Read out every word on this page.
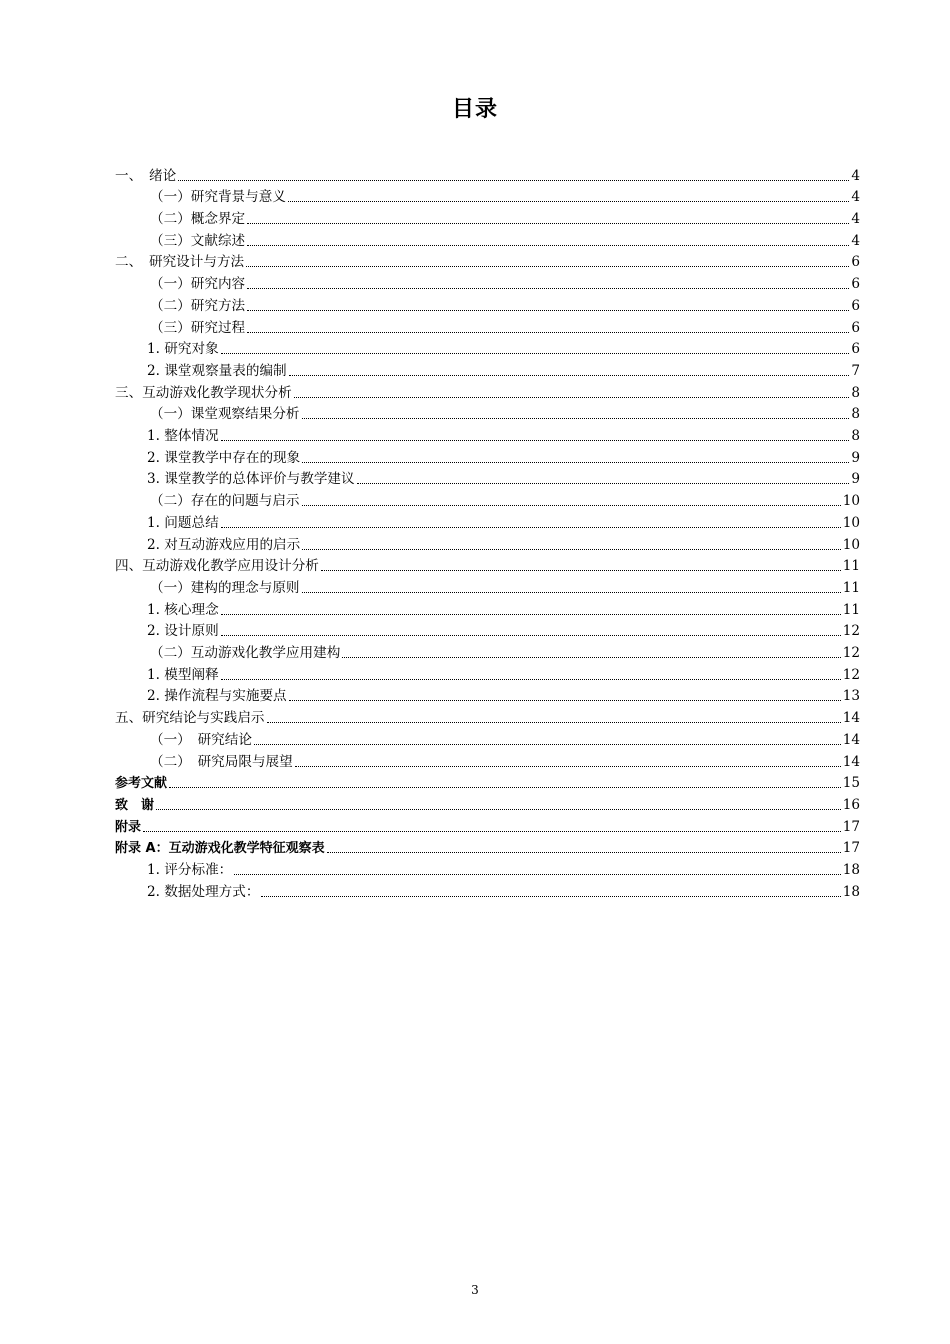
目录
一、　绪论	4
（一）研究背景与意义	4
（二）概念界定	4
（三）文献综述	4
二、　研究设计与方法	6
（一）研究内容	6
（二）研究方法	6
（三）研究过程	6
1. 研究对象	6
2. 课堂观察量表的编制	7
三、互动游戏化教学现状分析	8
（一）课堂观察结果分析	8
1. 整体情况	8
2. 课堂教学中存在的现象	9
3. 课堂教学的总体评价与教学建议	9
（二）存在的问题与启示	10
1. 问题总结	10
2. 对互动游戏应用的启示	10
四、互动游戏化教学应用设计分析	11
（一）建构的理念与原则	11
1. 核心理念	11
2. 设计原则	12
（二）互动游戏化教学应用建构	12
1. 模型阐释	12
2. 操作流程与实施要点	13
五、研究结论与实践启示	14
（一）　研究结论	14
（二）　研究局限与展望	14
参考文献	15
致　谢	16
附录	17
附录 A：互动游戏化教学特征观察表	17
1. 评分标准：	18
2. 数据处理方式：	18
3
